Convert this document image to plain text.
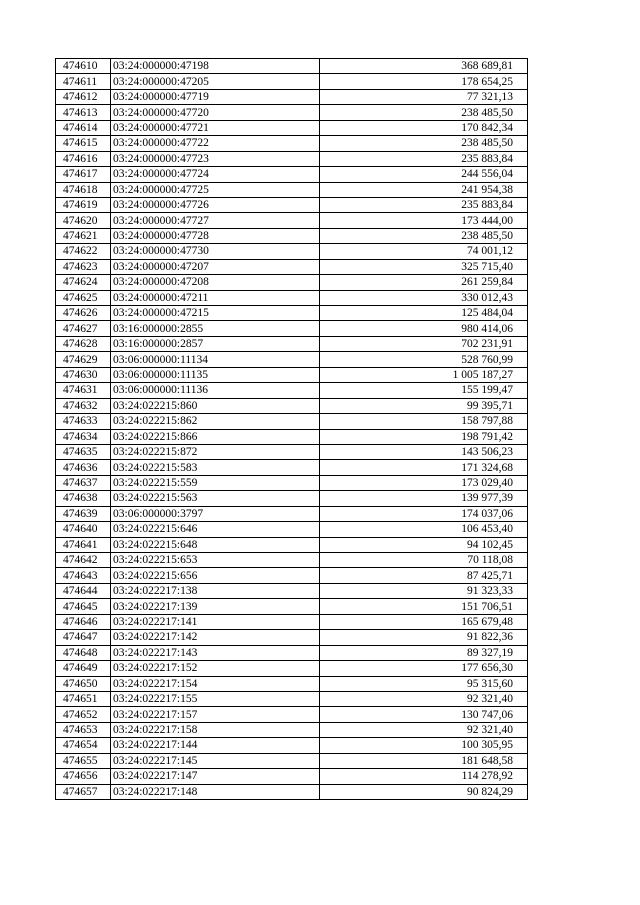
474610	03:24:000000:47198	368 689,81
474611	03:24:000000:47205	178 654,25
474612	03:24:000000:47719	77 321,13
474613	03:24:000000:47720	238 485,50
474614	03:24:000000:47721	170 842,34
474615	03:24:000000:47722	238 485,50
474616	03:24:000000:47723	235 883,84
474617	03:24:000000:47724	244 556,04
474618	03:24:000000:47725	241 954,38
474619	03:24:000000:47726	235 883,84
474620	03:24:000000:47727	173 444,00
474621	03:24:000000:47728	238 485,50
474622	03:24:000000:47730	74 001,12
474623	03:24:000000:47207	325 715,40
474624	03:24:000000:47208	261 259,84
474625	03:24:000000:47211	330 012,43
474626	03:24:000000:47215	125 484,04
474627	03:16:000000:2855	980 414,06
474628	03:16:000000:2857	702 231,91
474629	03:06:000000:11134	528 760,99
474630	03:06:000000:11135	1 005 187,27
474631	03:06:000000:11136	155 199,47
474632	03:24:022215:860	99 395,71
474633	03:24:022215:862	158 797,88
474634	03:24:022215:866	198 791,42
474635	03:24:022215:872	143 506,23
474636	03:24:022215:583	171 324,68
474637	03:24:022215:559	173 029,40
474638	03:24:022215:563	139 977,39
474639	03:06:000000:3797	174 037,06
474640	03:24:022215:646	106 453,40
474641	03:24:022215:648	94 102,45
474642	03:24:022215:653	70 118,08
474643	03:24:022215:656	87 425,71
474644	03:24:022217:138	91 323,33
474645	03:24:022217:139	151 706,51
474646	03:24:022217:141	165 679,48
474647	03:24:022217:142	91 822,36
474648	03:24:022217:143	89 327,19
474649	03:24:022217:152	177 656,30
474650	03:24:022217:154	95 315,60
474651	03:24:022217:155	92 321,40
474652	03:24:022217:157	130 747,06
474653	03:24:022217:158	92 321,40
474654	03:24:022217:144	100 305,95
474655	03:24:022217:145	181 648,58
474656	03:24:022217:147	114 278,92
474657	03:24:022217:148	90 824,29
